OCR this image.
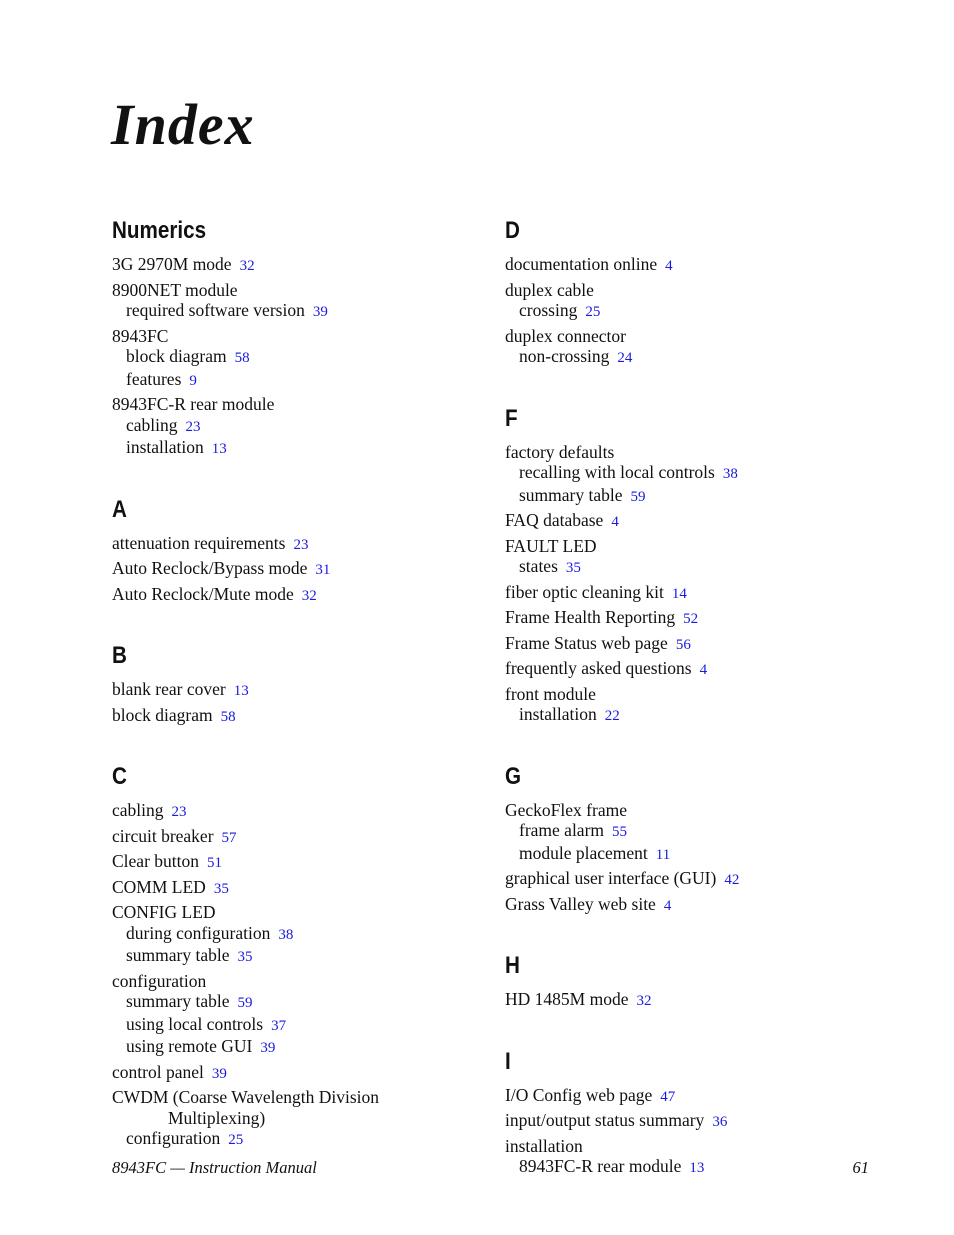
Index
Numerics
3G 2970M mode 32
8900NET module
required software version 39
8943FC
block diagram 58
features 9
8943FC-R rear module
cabling 23
installation 13
A
attenuation requirements 23
Auto Reclock/Bypass mode 31
Auto Reclock/Mute mode 32
B
blank rear cover 13
block diagram 58
C
cabling 23
circuit breaker 57
Clear button 51
COMM LED 35
CONFIG LED
during configuration 38
summary table 35
configuration
summary table 59
using local controls 37
using remote GUI 39
control panel 39
CWDM (Coarse Wavelength Division
Multiplexing)
configuration 25
D
documentation online 4
duplex cable
crossing 25
duplex connector
non-crossing 24
F
factory defaults
recalling with local controls 38
summary table 59
FAQ database 4
FAULT LED
states 35
fiber optic cleaning kit 14
Frame Health Reporting 52
Frame Status web page 56
frequently asked questions 4
front module
installation 22
G
GeckoFlex frame
frame alarm 55
module placement 11
graphical user interface (GUI) 42
Grass Valley web site 4
H
HD 1485M mode 32
I
I/O Config web page 47
input/output status summary 36
installation
8943FC-R rear module 13
8943FC — Instruction Manual	61
